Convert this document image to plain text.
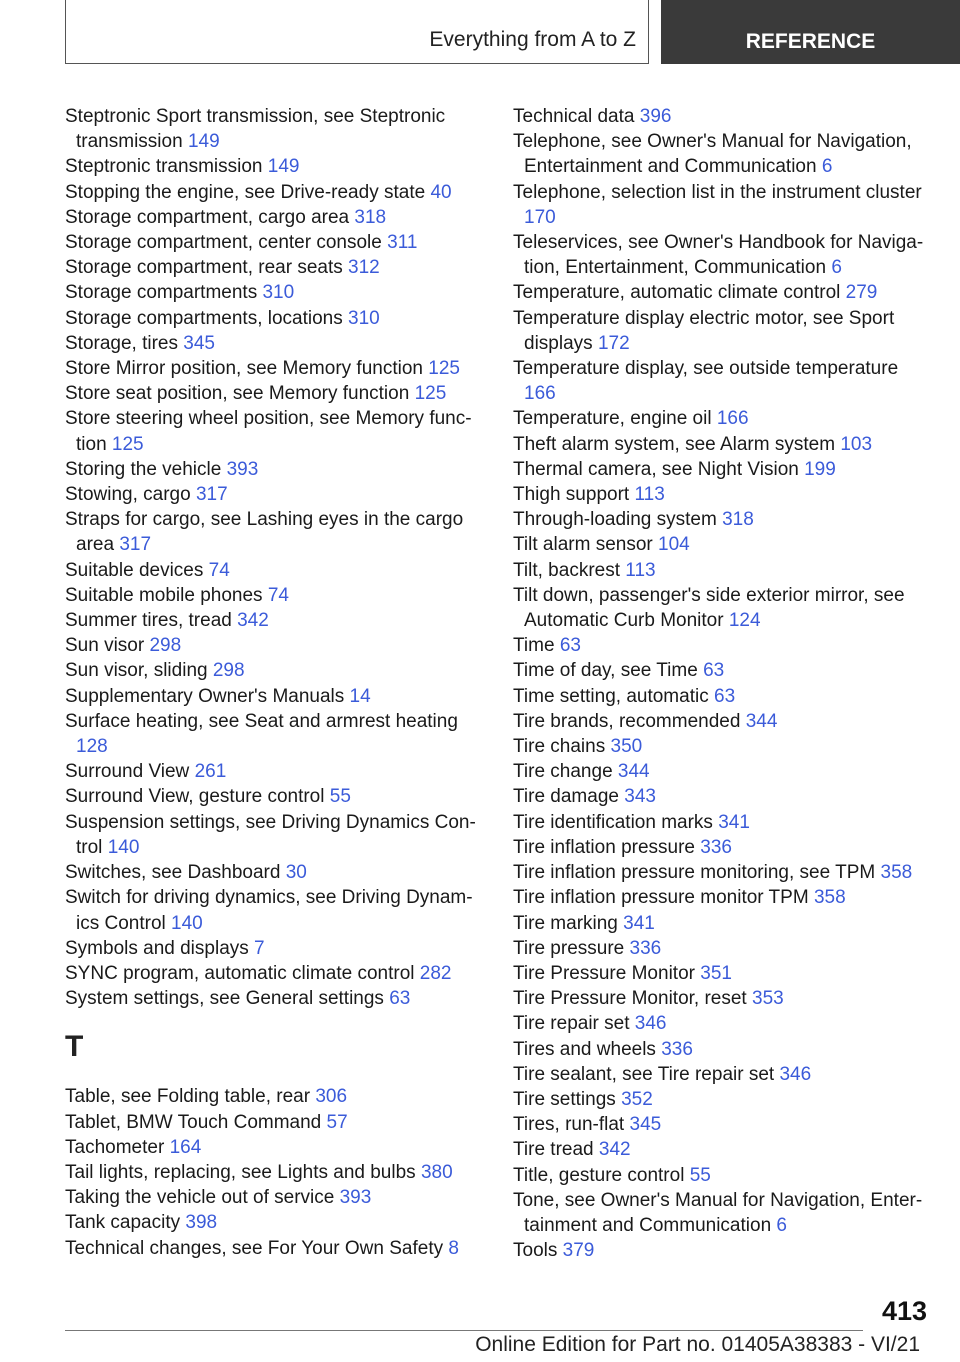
Everything from A to Z	REFERENCE
Steptronic Sport transmission, see Steptronic transmission 149
Steptronic transmission 149
Stopping the engine, see Drive-ready state 40
Storage compartment, cargo area 318
Storage compartment, center console 311
Storage compartment, rear seats 312
Storage compartments 310
Storage compartments, locations 310
Storage, tires 345
Store Mirror position, see Memory function 125
Store seat position, see Memory function 125
Store steering wheel position, see Memory function 125
Storing the vehicle 393
Stowing, cargo 317
Straps for cargo, see Lashing eyes in the cargo area 317
Suitable devices 74
Suitable mobile phones 74
Summer tires, tread 342
Sun visor 298
Sun visor, sliding 298
Supplementary Owner's Manuals 14
Surface heating, see Seat and armrest heating 128
Surround View 261
Surround View, gesture control 55
Suspension settings, see Driving Dynamics Control 140
Switches, see Dashboard 30
Switch for driving dynamics, see Driving Dynamics Control 140
Symbols and displays 7
SYNC program, automatic climate control 282
System settings, see General settings 63
T
Table, see Folding table, rear 306
Tablet, BMW Touch Command 57
Tachometer 164
Tail lights, replacing, see Lights and bulbs 380
Taking the vehicle out of service 393
Tank capacity 398
Technical changes, see For Your Own Safety 8
Technical data 396
Telephone, see Owner's Manual for Navigation, Entertainment and Communication 6
Telephone, selection list in the instrument cluster 170
Teleservices, see Owner's Handbook for Navigation, Entertainment, Communication 6
Temperature, automatic climate control 279
Temperature display electric motor, see Sport displays 172
Temperature display, see outside temperature 166
Temperature, engine oil 166
Theft alarm system, see Alarm system 103
Thermal camera, see Night Vision 199
Thigh support 113
Through-loading system 318
Tilt alarm sensor 104
Tilt, backrest 113
Tilt down, passenger's side exterior mirror, see Automatic Curb Monitor 124
Time 63
Time of day, see Time 63
Time setting, automatic 63
Tire brands, recommended 344
Tire chains 350
Tire change 344
Tire damage 343
Tire identification marks 341
Tire inflation pressure 336
Tire inflation pressure monitoring, see TPM 358
Tire inflation pressure monitor TPM 358
Tire marking 341
Tire pressure 336
Tire Pressure Monitor 351
Tire Pressure Monitor, reset 353
Tire repair set 346
Tires and wheels 336
Tire sealant, see Tire repair set 346
Tire settings 352
Tires, run-flat 345
Tire tread 342
Title, gesture control 55
Tone, see Owner's Manual for Navigation, Entertainment and Communication 6
Tools 379
413
Online Edition for Part no. 01405A38383 - VI/21
